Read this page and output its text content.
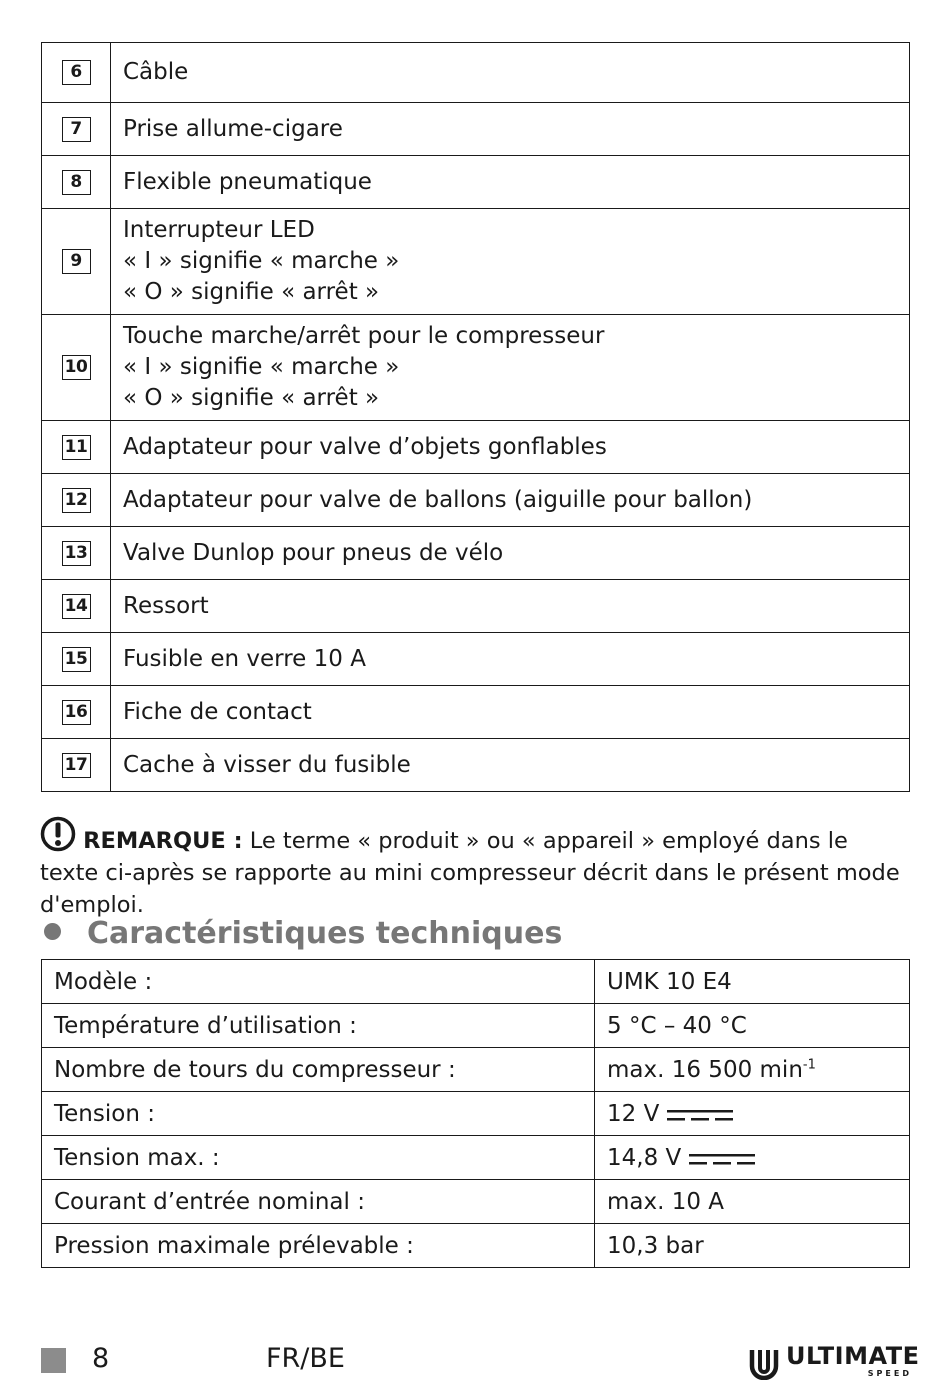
6	Câble

7	Prise allume-cigare

8	Flexible pneumatique

9	Interrupteur LED
« I » signifie « marche »
« O » signifie « arrêt »

10	Touche marche/arrêt pour le compresseur
« I » signifie « marche »
« O » signifie « arrêt »

11	Adaptateur pour valve d’objets gonflables

12	Adaptateur pour valve de ballons (aiguille pour ballon)

13	Valve Dunlop pour pneus de vélo

14	Ressort

15	Fusible en verre 10 A

16	Fiche de contact

17	Cache à visser du fusible
REMARQUE : Le terme « produit » ou « appareil » employé dans le texte ci-après se rapporte au mini compresseur décrit dans le présent mode d'emploi.
Caractéristiques techniques
Modèle :	UMK 10 E4
Température d’utilisation :	5 °C – 40 °C
Nombre de tours du compresseur :	max. 16 500 $\min^{-1}$
Tension :	12 V
Tension max. :	14,8 V
Courant d’entrée nominal :	max. 10 A
Pression maximale prélevable :	10,3 bar
8	FR/BE	ULTIMATE
SPEED
